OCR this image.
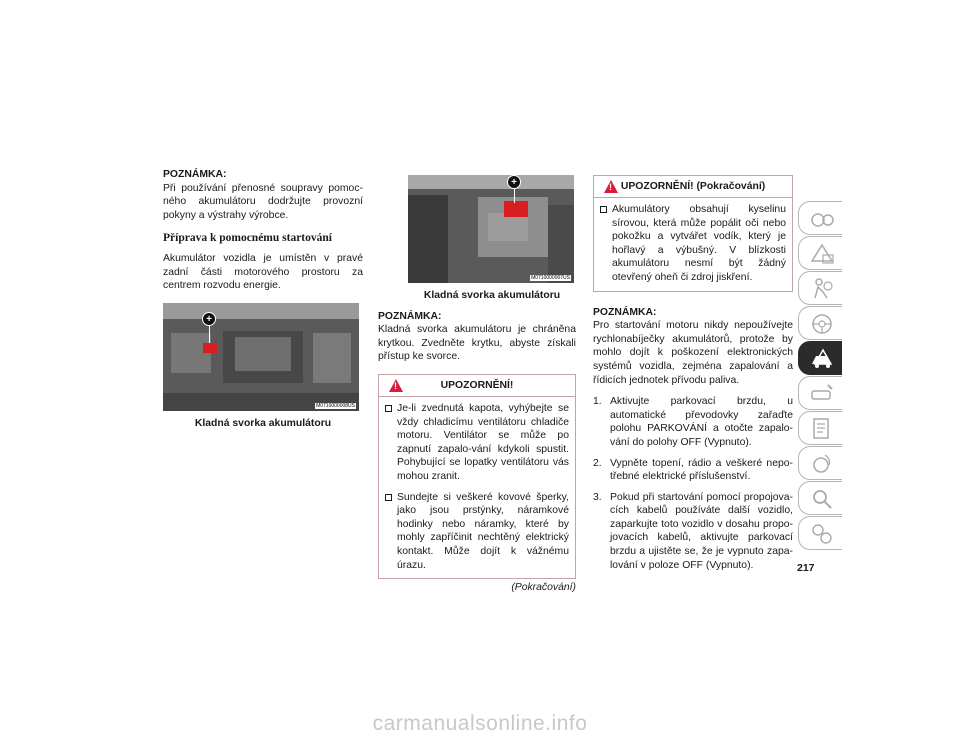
POZNÁMKA:
Při používání přenosné soupravy pomoc-ného akumulátoru dodržujte provozní pokyny a výstrahy výrobce.
Příprava k pomocnému startování
Akumulátor vozidla je umístěn v pravé zadní části motorového prostoru za centrem rozvodu energie.
+
M0710000008US
Kladná svorka akumulátoru
+
M0710000007US
Kladná svorka akumulátoru
POZNÁMKA:
Kladná svorka akumulátoru je chráněna krytkou. Zvedněte krytku, abyste získali přístup ke svorce.
!
UPOZORNĚNÍ!
Je-li zvednutá kapota, vyhýbejte se vždy chladicímu ventilátoru chladiče motoru. Ventilátor se může po zapnutí zapalo-vání kdykoli spustit. Pohybující se lopatky ventilátoru vás mohou zranit.
Sundejte si veškeré kovové šperky, jako jsou prstýnky, náramkové hodinky nebo náramky, které by mohly zapříčinit nechtěný elektrický kontakt. Může dojít k vážnému úrazu.
(Pokračování)
!
UPOZORNĚNÍ! (Pokračování)
Akumulátory obsahují kyselinu sírovou, která může popálit oči nebo pokožku a vytvářet vodík, který je hořlavý a výbušný. V blízkosti akumulátoru nesmí být žádný otevřený oheň či zdroj jiskření.
POZNÁMKA:
Pro startování motoru nikdy nepoužívejte rychlonabíječky akumulátorů, protože by mohlo dojít k poškození elektronických systémů vozidla, zejména zapalování a řídicích jednotek přívodu paliva.
1. Aktivujte parkovací brzdu, u automatické převodovky zařaďte polohu PARKOVÁNÍ a otočte zapalo-vání do polohy OFF (Vypnuto).
2. Vypněte topení, rádio a veškeré nepo-třebné elektrické příslušenství.
3. Pokud při startování pomocí propojova-cích kabelů používáte další vozidlo, zaparkujte toto vozidlo v dosahu propo-jovacích kabelů, aktivujte parkovací brzdu a ujistěte se, že je vypnuto zapa-lování v poloze OFF (Vypnuto).	217
carmanualsonline.info
